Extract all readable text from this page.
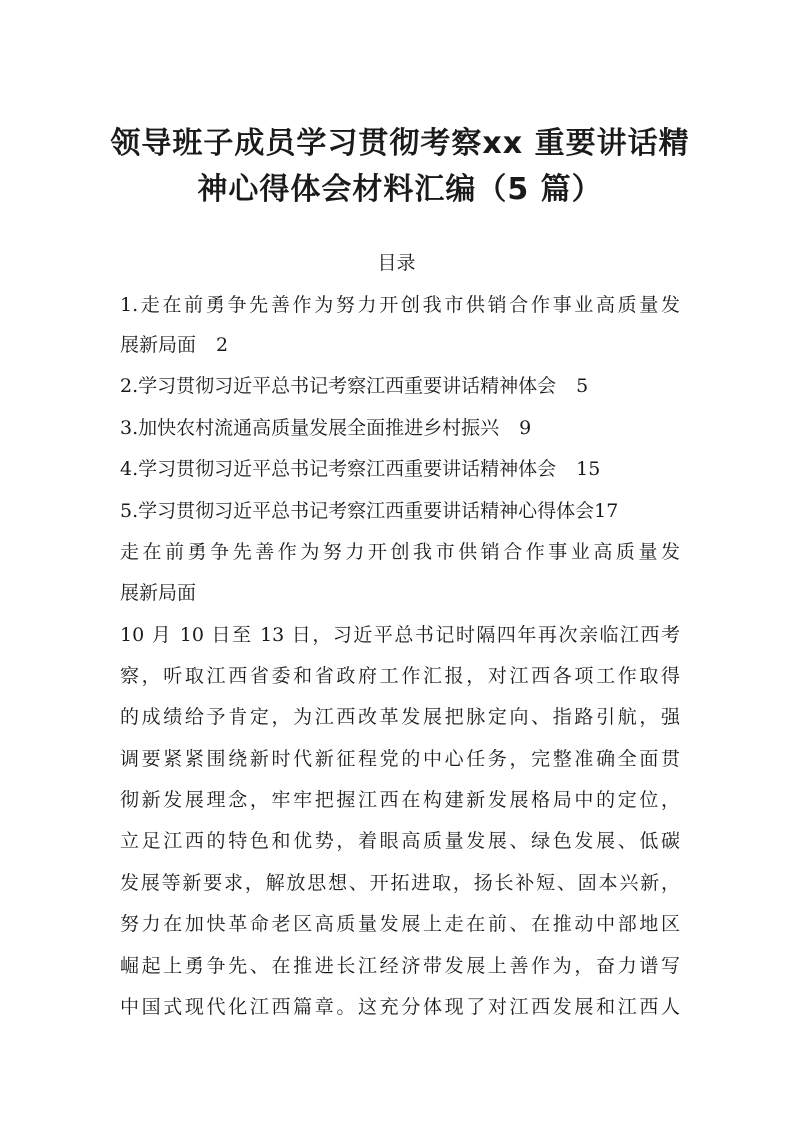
领导班子成员学习贯彻考察xx 重要讲话精
神心得体会材料汇编（5 篇）
目录
1.走在前勇争先善作为努力开创我市供销合作事业高质量发
展新局面 2
2.学习贯彻习近平总书记考察江西重要讲话精神体会 5
3.加快农村流通高质量发展全面推进乡村振兴 9
4.学习贯彻习近平总书记考察江西重要讲话精神体会 15
5.学习贯彻习近平总书记考察江西重要讲话精神心得体会17
走在前勇争先善作为努力开创我市供销合作事业高质量发
展新局面
10 月 10 日至 13 日，习近平总书记时隔四年再次亲临江西考
察，听取江西省委和省政府工作汇报，对江西各项工作取得
的成绩给予肯定，为江西改革发展把脉定向、指路引航，强
调要紧紧围绕新时代新征程党的中心任务，完整准确全面贯
彻新发展理念，牢牢把握江西在构建新发展格局中的定位，
立足江西的特色和优势，着眼高质量发展、绿色发展、低碳
发展等新要求，解放思想、开拓进取，扬长补短、固本兴新，
努力在加快革命老区高质量发展上走在前、在推动中部地区
崛起上勇争先、在推进长江经济带发展上善作为，奋力谱写
中国式现代化江西篇章。这充分体现了对江西发展和江西人
